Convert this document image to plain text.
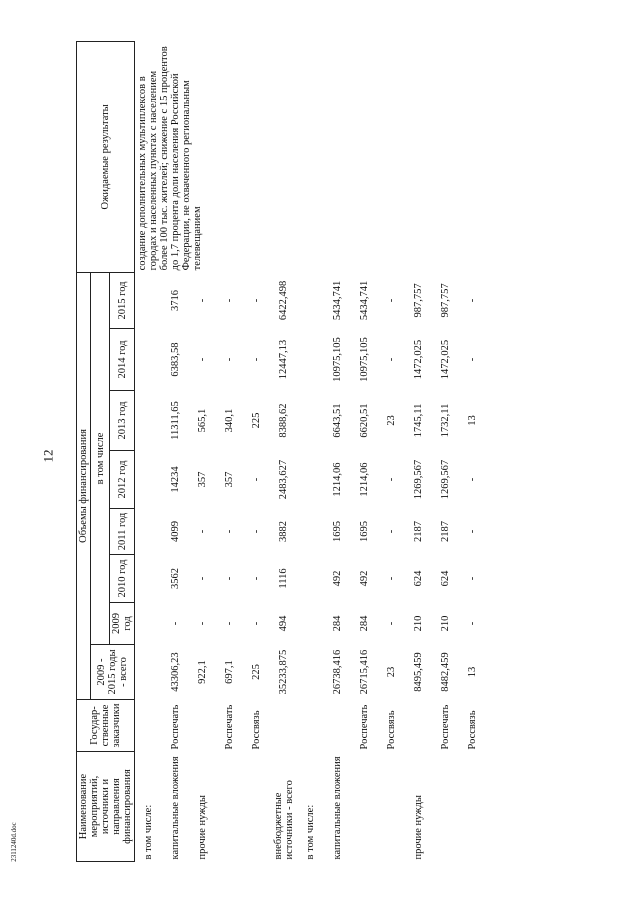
12
2311240d.doc
Наименование мероприятий, источники и направления финансирования	Государ-ственные заказчики	Объемы финансирования								Ожидаемые результаты
		2009 - 2015 годы - всего	в том числе							
			2009 год	2010 год	2011 год	2012 год	2013 год	2014 год	2015 год	
в том числе:										создание дополнительных мультиплексов в городах и населенных пунктах с населением более 100 тыс. жителей; снижение с 15 процентов до 1,7 процента доли населения Российской Федерации, не охваченного региональным телевещанием
капитальные вложения	Роспечать	43306,23	-	3562	4099	14234	11311,65	6383,58	3716	
прочие нужды		922,1	-	-	-	357	565,1	-	-	
	Роспечать	697,1	-	-	-	357	340,1	-	-	
	Россвязь	225	-	-	-	-	225	-	-	
внебюджетные источники - всего		35233,875	494	1116	3882	2483,627	8388,62	12447,13	6422,498	
в том числе:										
капитальные вложения		26738,416	284	492	1695	1214,06	6643,51	10975,105	5434,741	
	Роспечать	26715,416	284	492	1695	1214,06	6620,51	10975,105	5434,741	
	Россвязь	23	-	-	-	-	23	-	-	
прочие нужды		8495,459	210	624	2187	1269,567	1745,11	1472,025	987,757	
	Роспечать	8482,459	210	624	2187	1269,567	1732,11	1472,025	987,757	
	Россвязь	13	-	-	-	-	13	-	-	
